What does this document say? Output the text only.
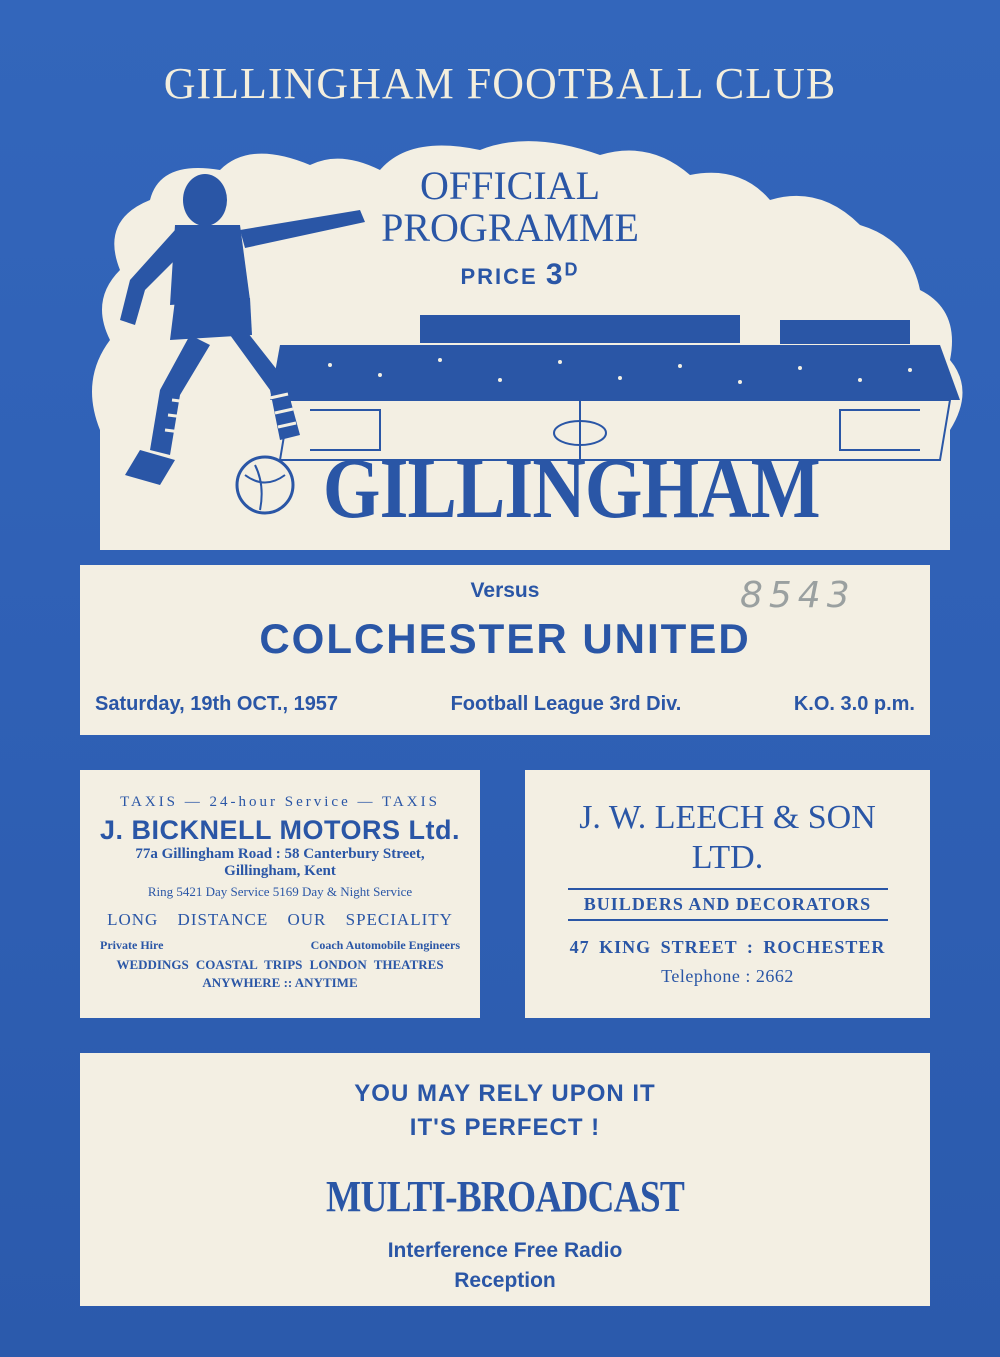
GILLINGHAM FOOTBALL CLUB
OFFICIAL
PROGRAMME
PRICE $3^D$
GILLINGHAM
Versus	8543
COLCHESTER UNITED
Saturday, 19th OCT., 1957	Football League 3rd Div.	K.O. 3.0 p.m.
TAXIS — 24-hour Service — TAXIS
J. BICKNELL MOTORS Ltd.
77a Gillingham Road : 58 Canterbury Street,
Gillingham, Kent
Ring 5421 Day Service 5169 Day & Night Service
LONG DISTANCE OUR SPECIALITY
Private Hire	Coach Automobile Engineers
WEDDINGS COASTAL TRIPS LONDON THEATRES
ANYWHERE :: ANYTIME
J. W. LEECH & SON
LTD.
BUILDERS AND DECORATORS
47 KING STREET : ROCHESTER
Telephone : 2662
YOU MAY RELY UPON IT
IT'S PERFECT !
MULTI-BROADCAST
Interference Free Radio
Reception
